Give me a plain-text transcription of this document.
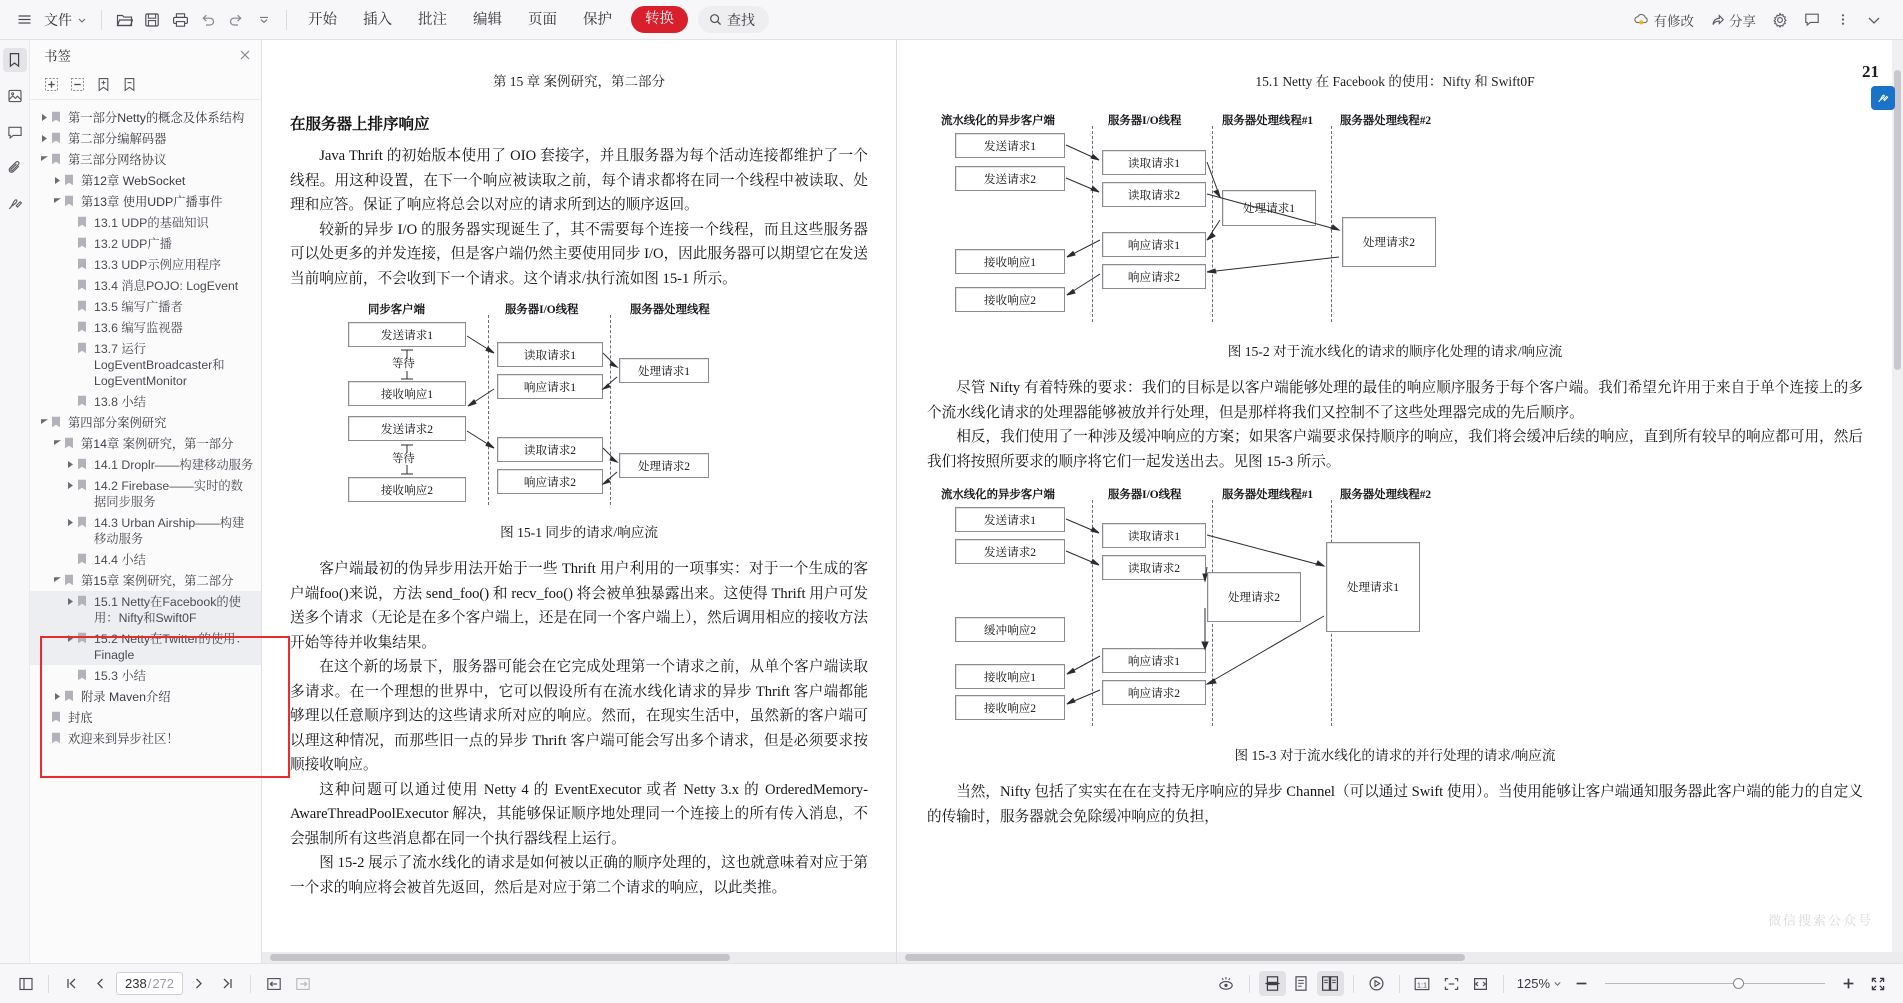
文件	开始	插入	批注	编辑	页面	保护	转换	查找	有修改	分享
书签
第一部分Netty的概念及体系结构
第二部分编解码器
第三部分网络协议
第12章 WebSocket
第13章 使用UDP广播事件
13.1 UDP的基础知识
13.2 UDP广播
13.3 UDP示例应用程序
13.4 消息POJO: LogEvent
13.5 编写广播者
13.6 编写监视器
13.7 运行LogEventBroadcaster和LogEventMonitor
13.8 小结
第四部分案例研究
第14章 案例研究，第一部分
14.1 Droplr——构建移动服务
14.2 Firebase——实时的数据同步服务
14.3 Urban Airship——构建移动服务
14.4 小结
第15章 案例研究，第二部分
15.1 Netty在Facebook的使用：Nifty和Swift0F
15.2 Netty在Twitter的使用：Finagle
15.3 小结
附录 Maven介绍
封底
欢迎来到异步社区！
第 15 章 案例研究，第二部分
在服务器上排序响应

Java Thrift 的初始版本使用了 OIO 套接字，并且服务器为每个活动连接都维护了一个线程。用这种设置，在下一个响应被读取之前，每个请求都将在同一个线程中被读取、处理和应答。保证了响应将总会以对应的请求所到达的顺序返回。

较新的异步 I/O 的服务器实现诞生了，其不需要每个连接一个线程，而且这些服务器可以处更多的并发连接，但是客户端仍然主要使用同步 I/O，因此服务器可以期望它在发送当前响应前，不会收到下一个请求。这个请求/执行流如图 15-1 所示。

同步客户端	服务器I/O线程	服务器处理线程
发送请求1
接收响应1
发送请求2
接收响应2
读取请求1
响应请求1
读取请求2
响应请求2
处理请求1
处理请求2
等待
等待
图 15-1 同步的请求/响应流

客户端最初的伪异步用法开始于一些 Thrift 用户利用的一项事实：对于一个生成的客户端foo()来说，方法 send_foo() 和 recv_foo() 将会被单独暴露出来。这使得 Thrift 用户可发送多个请求（无论是在多个客户端上，还是在同一个客户端上），然后调用相应的接收方法开始等待并收集结果。

在这个新的场景下，服务器可能会在它完成处理第一个请求之前，从单个客户端读取多请求。在一个理想的世界中，它可以假设所有在流水线化请求的异步 Thrift 客户端都能够理以任意顺序到达的这些请求所对应的响应。然而，在现实生活中，虽然新的客户端可以理这种情况，而那些旧一点的异步 Thrift 客户端可能会写出多个请求，但是必须要求按顺接收响应。

这种问题可以通过使用 Netty 4 的 EventExecutor 或者 Netty 3.x 的 OrderedMemory-AwareThreadPoolExecutor 解决，其能够保证顺序地处理同一个连接上的所有传入消息，不会强制所有这些消息都在同一个执行器线程上运行。

图 15-2 展示了流水线化的请求是如何被以正确的顺序处理的，这也就意味着对应于第一个求的响应将会被首先返回，然后是对应于第二个请求的响应，以此类推。

15.1 Netty 在 Facebook 的使用：Nifty 和 Swift0F
21
流水线化的异步客户端	服务器I/O线程	服务器处理线程#1 服务器处理线程#2
发送请求1
发送请求2
接收响应1
接收响应2
读取请求1
读取请求2
响应请求1
响应请求2
处理请求1
处理请求2
图 15-2 对于流水线化的请求的顺序化处理的请求/响应流

尽管 Nifty 有着特殊的要求：我们的目标是以客户端能够处理的最佳的响应顺序服务于每个客户端。我们希望允许用于来自于单个连接上的多个流水线化请求的处理器能够被放并行处理，但是那样将我们又控制不了这些处理器完成的先后顺序。

相反，我们使用了一种涉及缓冲响应的方案；如果客户端要求保持顺序的响应，我们将会缓冲后续的响应，直到所有较早的响应都可用，然后我们将按照所要求的顺序将它们一起发送出去。见图 15-3 所示。

流水线化的异步客户端	服务器I/O线程	服务器处理线程#1 服务器处理线程#2
发送请求1
发送请求2
缓冲响应2
接收响应1
接收响应2
读取请求1
读取请求2
响应请求1
响应请求2
处理请求2
处理请求1
图 15-3 对于流水线化的请求的并行处理的请求/响应流

当然，Nifty 包括了实实在在在支持无序响应的异步 Channel（可以通过 Swift 使用）。当使用能够让客户端通知服务器此客户端的能力的自定义的传输时，服务器就会免除缓冲响应的负担，

微信搜索公众号
238 / 272	1:1	125%
